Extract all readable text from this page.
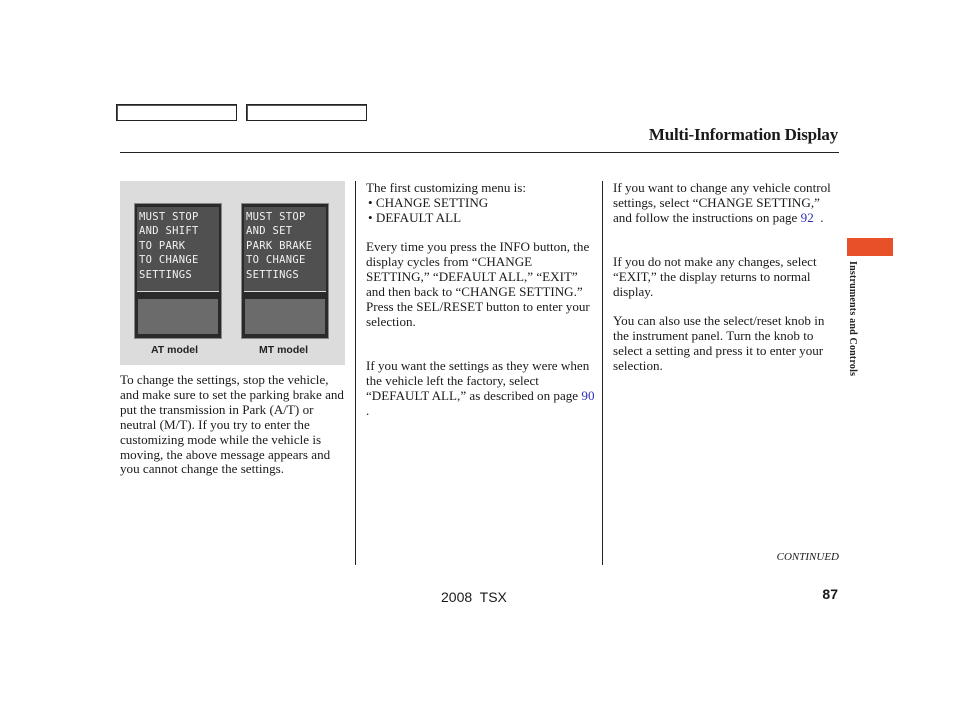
Multi-Information Display
MUST STOP
AND SHIFT
TO PARK
TO CHANGE
SETTINGS
MUST STOP
AND SET
PARK BRAKE
TO CHANGE
SETTINGS
AT model	MT model

To change the settings, stop the vehicle, and make sure to set the parking brake and put the transmission in Park (A/T) or neutral (M/T). If you try to enter the customizing mode while the vehicle is moving, the above message appears and you cannot change the settings.

The first customizing menu is:
• CHANGE SETTING
• DEFAULT ALL

Every time you press the INFO button, the display cycles from “CHANGE SETTING,” “DEFAULT ALL,” “EXIT” and then back to “CHANGE SETTING.” Press the SEL/RESET button to enter your selection.

If you want the settings as they were when the vehicle left the factory, select “DEFAULT ALL,” as described on page 90 .

If you want to change any vehicle control settings, select “CHANGE SETTING,” and follow the instructions on page 92  .

If you do not make any changes, select “EXIT,” the display returns to normal display.

You can also use the select/reset knob in the instrument panel. Turn the knob to select a setting and press it to enter your selection.	Instruments and Controls
CONTINUED
2008  TSX	87
